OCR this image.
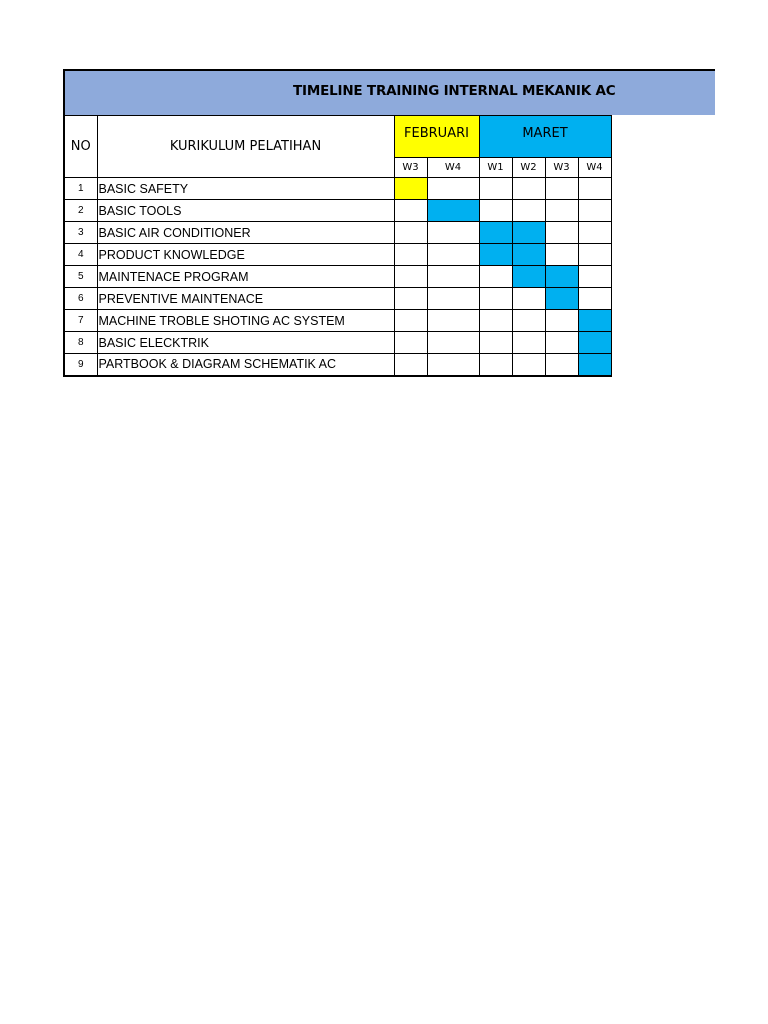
TIMELINE TRAINING INTERNAL MEKANIK AC
NO	KURIKULUM PELATIHAN	FEBRUARI		MARET			
		W3	W4	W1	W2	W3	W4
1	BASIC SAFETY						
2	BASIC TOOLS						
3	BASIC AIR CONDITIONER						
4	PRODUCT KNOWLEDGE						
5	MAINTENACE PROGRAM						
6	PREVENTIVE MAINTENACE						
7	MACHINE TROBLE SHOTING AC SYSTEM						
8	BASIC ELECKTRIK						
9	PARTBOOK & DIAGRAM SCHEMATIK AC						
